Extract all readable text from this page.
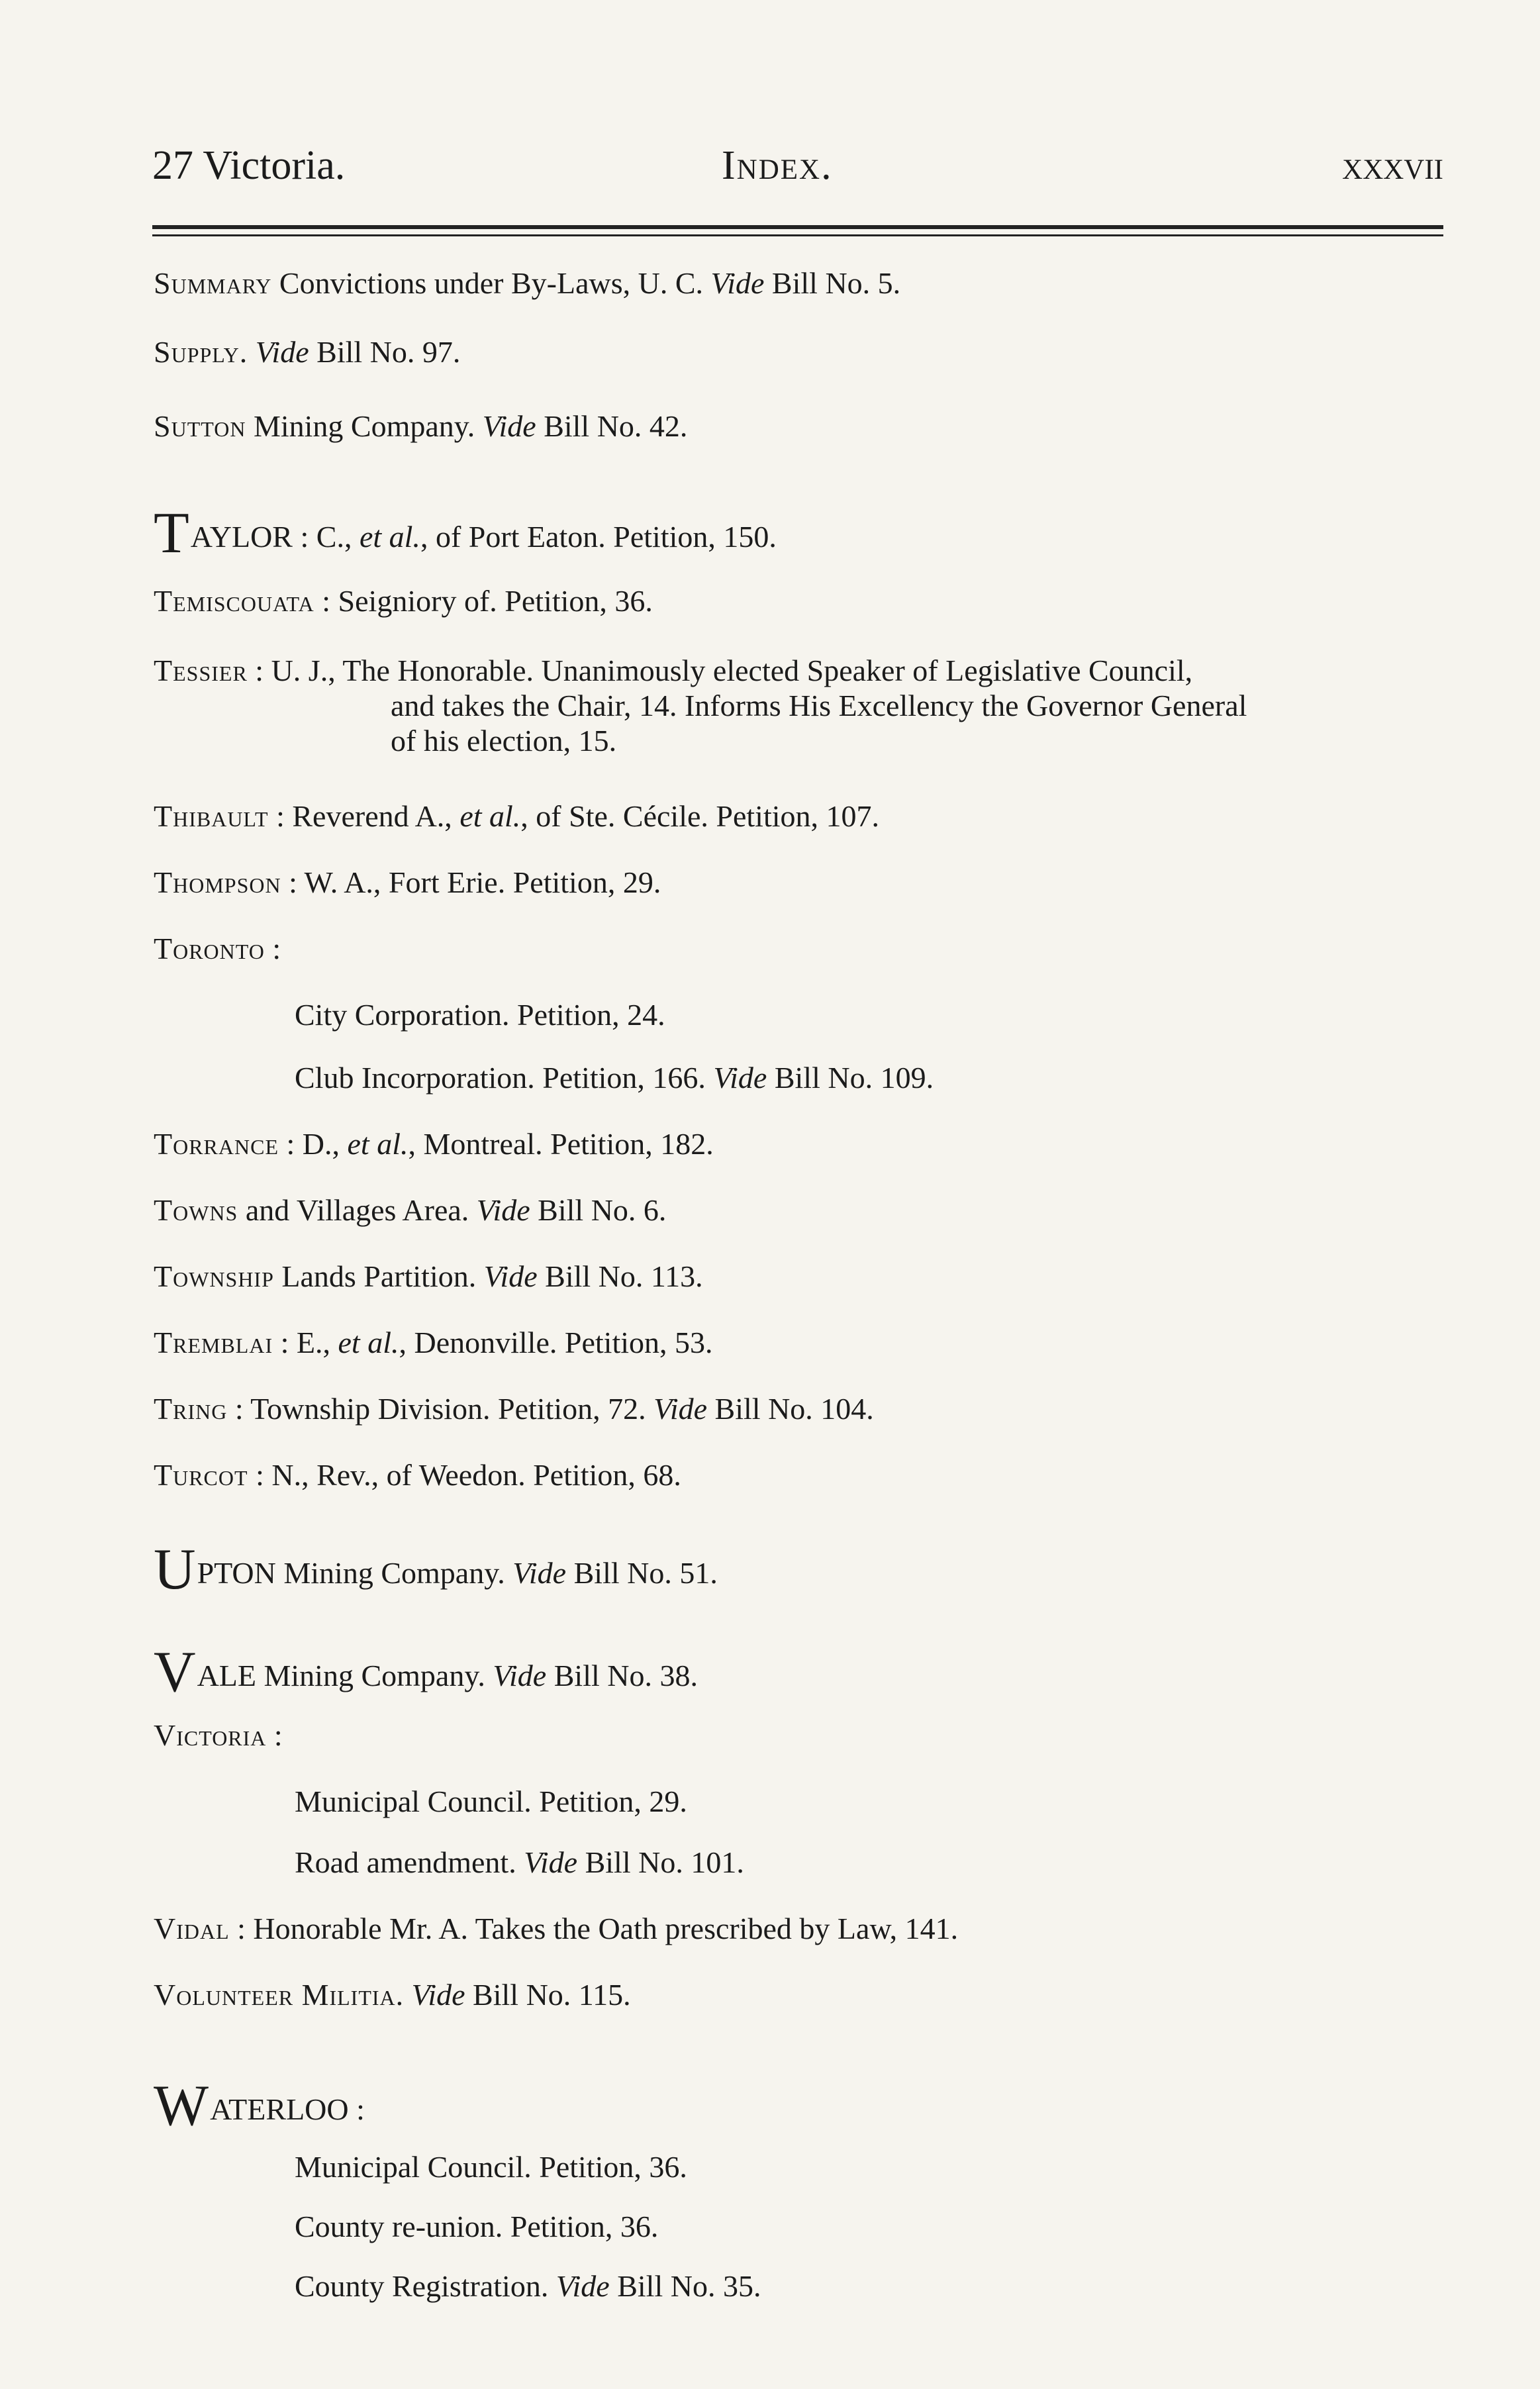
27 Victoria.	Index.	xxxvii
Summary Convictions under By-Laws, U. C. Vide Bill No. 5.
Supply. Vide Bill No. 97.
Sutton Mining Company. Vide Bill No. 42.
TAYLOR : C., et al., of Port Eaton. Petition, 150.
Temiscouata : Seigniory of. Petition, 36.
Tessier : U. J., The Honorable. Unanimously elected Speaker of Legislative Council,
and takes the Chair, 14. Informs His Excellency the Governor General
of his election, 15.
Thibault : Reverend A., et al., of Ste. Cécile. Petition, 107.
Thompson : W. A., Fort Erie. Petition, 29.
Toronto :
City Corporation. Petition, 24.
Club Incorporation. Petition, 166. Vide Bill No. 109.
Torrance : D., et al., Montreal. Petition, 182.
Towns and Villages Area. Vide Bill No. 6.
Township Lands Partition. Vide Bill No. 113.
Tremblai : E., et al., Denonville. Petition, 53.
Tring : Township Division. Petition, 72. Vide Bill No. 104.
Turcot : N., Rev., of Weedon. Petition, 68.
UPTON Mining Company. Vide Bill No. 51.
VALE Mining Company. Vide Bill No. 38.
Victoria :
Municipal Council. Petition, 29.
Road amendment. Vide Bill No. 101.
Vidal : Honorable Mr. A. Takes the Oath prescribed by Law, 141.
Volunteer Militia. Vide Bill No. 115.
WATERLOO :
Municipal Council. Petition, 36.
County re-union. Petition, 36.
County Registration. Vide Bill No. 35.
